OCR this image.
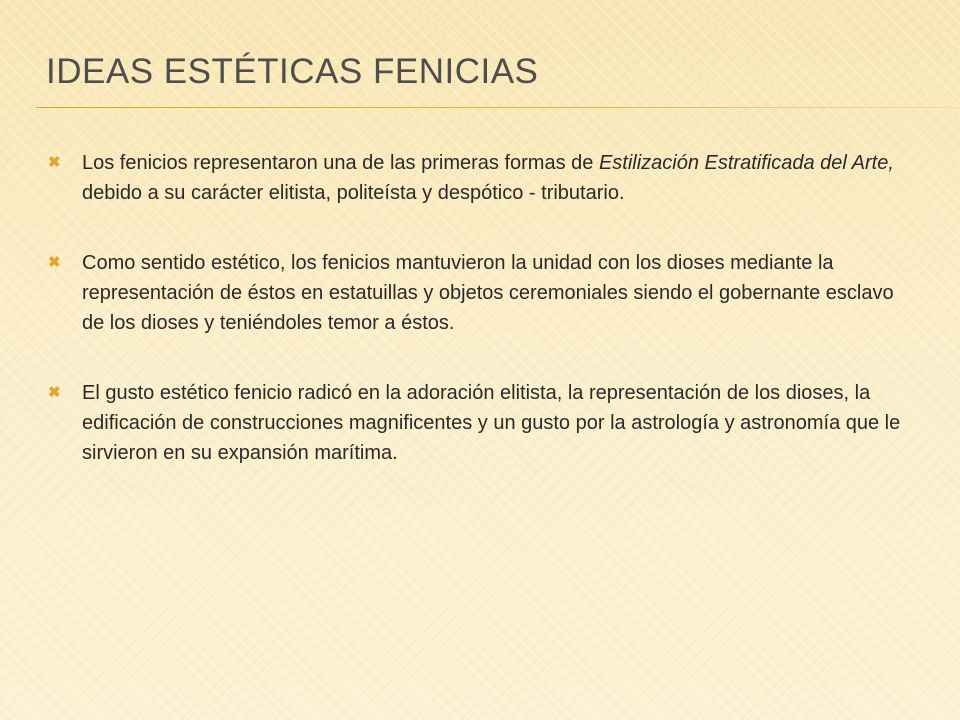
IDEAS ESTÉTICAS FENICIAS
✖	Los fenicios representaron una de las primeras formas de Estilización Estratificada del Arte, debido a su carácter elitista, politeísta y despótico - tributario.
✖	Como sentido estético, los fenicios mantuvieron la unidad con los dioses mediante la representación de éstos en estatuillas y objetos ceremoniales siendo el gobernante esclavo de los dioses y teniéndoles temor a éstos.
✖	El gusto estético fenicio radicó en la adoración elitista, la representación de los dioses, la edificación de construcciones magnificentes y un gusto por la astrología y astronomía que le sirvieron en su expansión marítima.
